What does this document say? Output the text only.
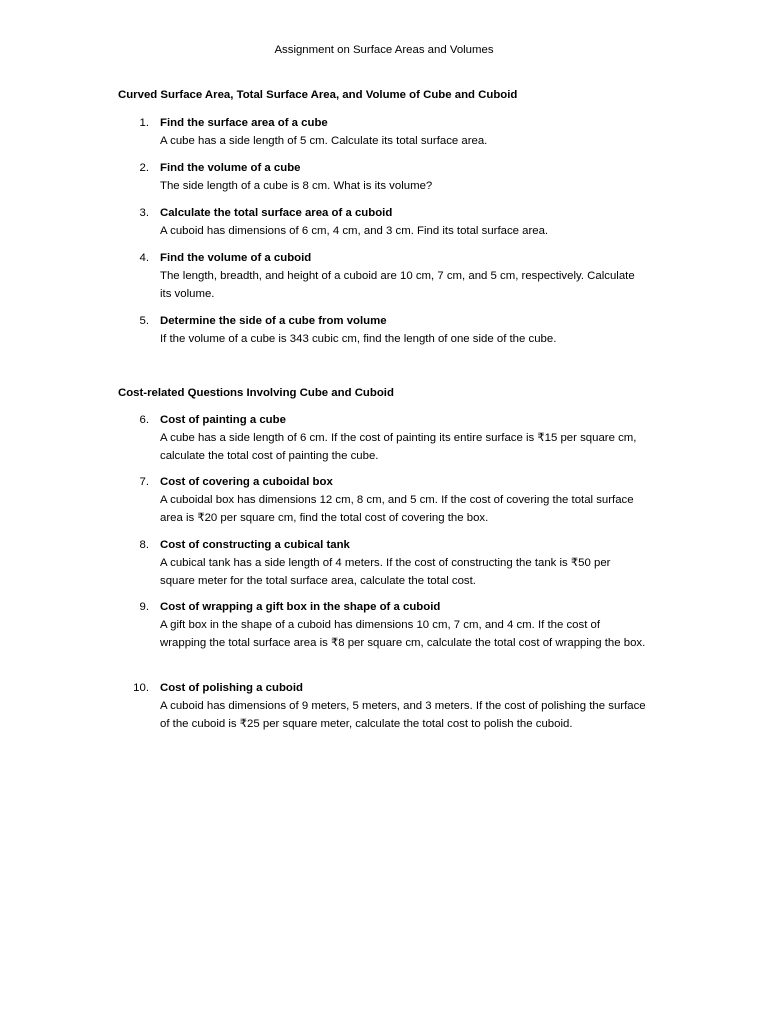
Assignment on Surface Areas and Volumes
Curved Surface Area, Total Surface Area, and Volume of Cube and Cuboid
1. Find the surface area of a cube
A cube has a side length of 5 cm. Calculate its total surface area.
2. Find the volume of a cube
The side length of a cube is 8 cm. What is its volume?
3. Calculate the total surface area of a cuboid
A cuboid has dimensions of 6 cm, 4 cm, and 3 cm. Find its total surface area.
4. Find the volume of a cuboid
The length, breadth, and height of a cuboid are 10 cm, 7 cm, and 5 cm, respectively. Calculate its volume.
5. Determine the side of a cube from volume
If the volume of a cube is 343 cubic cm, find the length of one side of the cube.
Cost-related Questions Involving Cube and Cuboid
6. Cost of painting a cube
A cube has a side length of 6 cm. If the cost of painting its entire surface is ₹15 per square cm, calculate the total cost of painting the cube.
7. Cost of covering a cuboidal box
A cuboidal box has dimensions 12 cm, 8 cm, and 5 cm. If the cost of covering the total surface area is ₹20 per square cm, find the total cost of covering the box.
8. Cost of constructing a cubical tank
A cubical tank has a side length of 4 meters. If the cost of constructing the tank is ₹50 per square meter for the total surface area, calculate the total cost.
9. Cost of wrapping a gift box in the shape of a cuboid
A gift box in the shape of a cuboid has dimensions 10 cm, 7 cm, and 4 cm. If the cost of wrapping the total surface area is ₹8 per square cm, calculate the total cost of wrapping the box.
10. Cost of polishing a cuboid
A cuboid has dimensions of 9 meters, 5 meters, and 3 meters. If the cost of polishing the surface of the cuboid is ₹25 per square meter, calculate the total cost to polish the cuboid.
